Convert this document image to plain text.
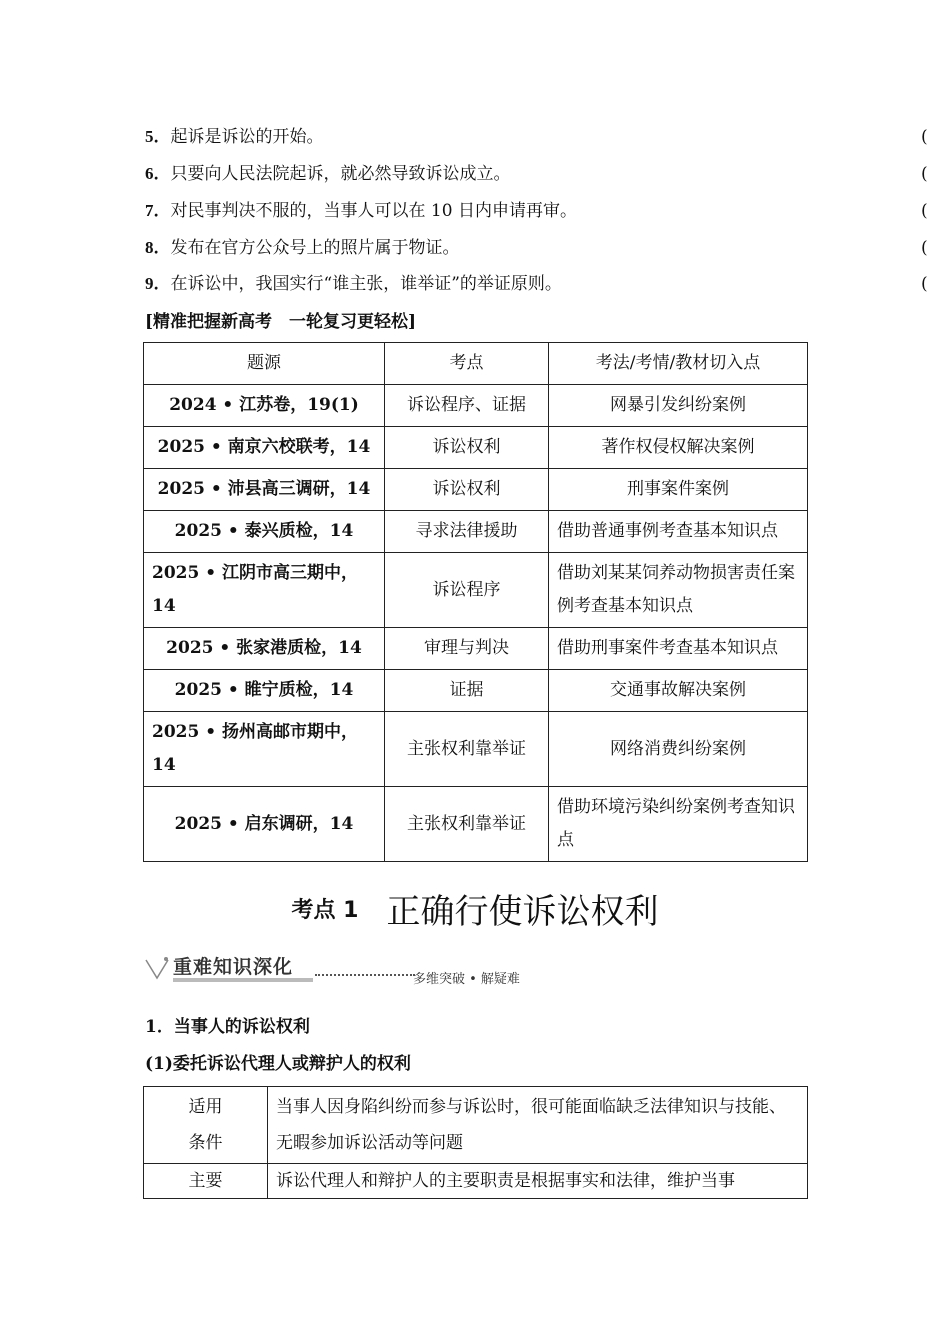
5．起诉是诉讼的开始。	(
6．只要向人民法院起诉，就必然导致诉讼成立。	(
7．对民事判决不服的，当事人可以在 10 日内申请再审。	(
8．发布在官方公众号上的照片属于物证。	(
9．在诉讼中，我国实行“谁主张，谁举证”的举证原则。	(
[精准把握新高考　一轮复习更轻松]
题源	考点	考法/考情/教材切入点
2024 • 江苏卷，19(1)	诉讼程序、证据	网暴引发纠纷案例
2025 • 南京六校联考，14	诉讼权利	著作权侵权解决案例
2025 • 沛县高三调研，14	诉讼权利	刑事案件案例
2025 • 泰兴质检，14	寻求法律援助	借助普通事例考查基本知识点
2025 • 江阴市高三期中，14	诉讼程序	借助刘某某饲养动物损害责任案例考查基本知识点
2025 • 张家港质检，14	审理与判决	借助刑事案件考查基本知识点
2025 • 睢宁质检，14	证据	交通事故解决案例
2025 • 扬州高邮市期中，14	主张权利靠举证	网络消费纠纷案例
2025 • 启东调研，14	主张权利靠举证	借助环境污染纠纷案例考查知识点
考点 1 正确行使诉讼权利
重难知识深化
多维突破 • 解疑难
1．当事人的诉讼权利
(1)委托诉讼代理人或辩护人的权利
适用条件	当事人因身陷纠纷而参与诉讼时，很可能面临缺乏法律知识与技能、无暇参加诉讼活动等问题
主要	诉讼代理人和辩护人的主要职责是根据事实和法律，维护当事
